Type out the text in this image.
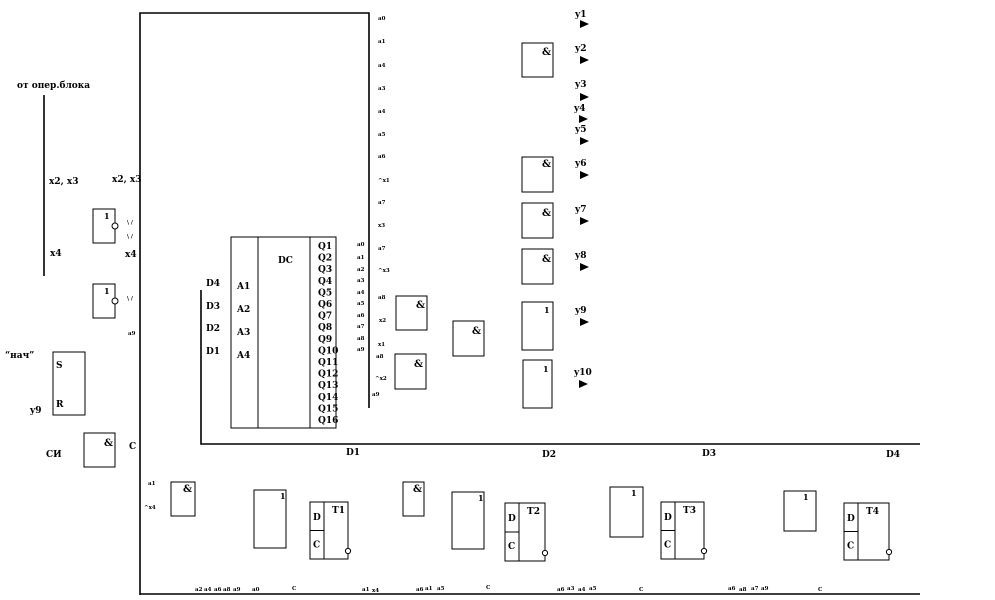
от опер.блока
x2, x3	x2, x3
x4	x4
“нач”
y9
СИ
C
a9
1
\ ∕
\ ∕
1
\ ∕
S
R
&
DC
A1
A2
A3
A4
Q1
Q2
Q3
Q4
Q5
Q6
Q7
Q8
Q9
Q10
Q11
Q12
Q13
Q14
Q15
Q16
D4
D3
D2
D1
a0
a1
a4
a3
a4
a5
a6
^x1
a7
x3
a7
^x3
a0
a1
a2
a3
a4
a5
a6
a7
a8
a9
a8
x2
x1
a8
^x2
a9
&
&
&
&
&
&
&
1
1
y1
y2
y3
y4
y5
y6
y7
y8
y9
y10
D1	D2	D3	D4
&
a1
^x4
1
&
1	1	1
D
C
T1
D
C
T2
D
C
T3
D
C
T4
a2 a4 a6 a8 a9 a0	C	a1 x4	a6 a1 a5	C	a6 a3 a4 a5	C	a6 a8 a7 a9	C
